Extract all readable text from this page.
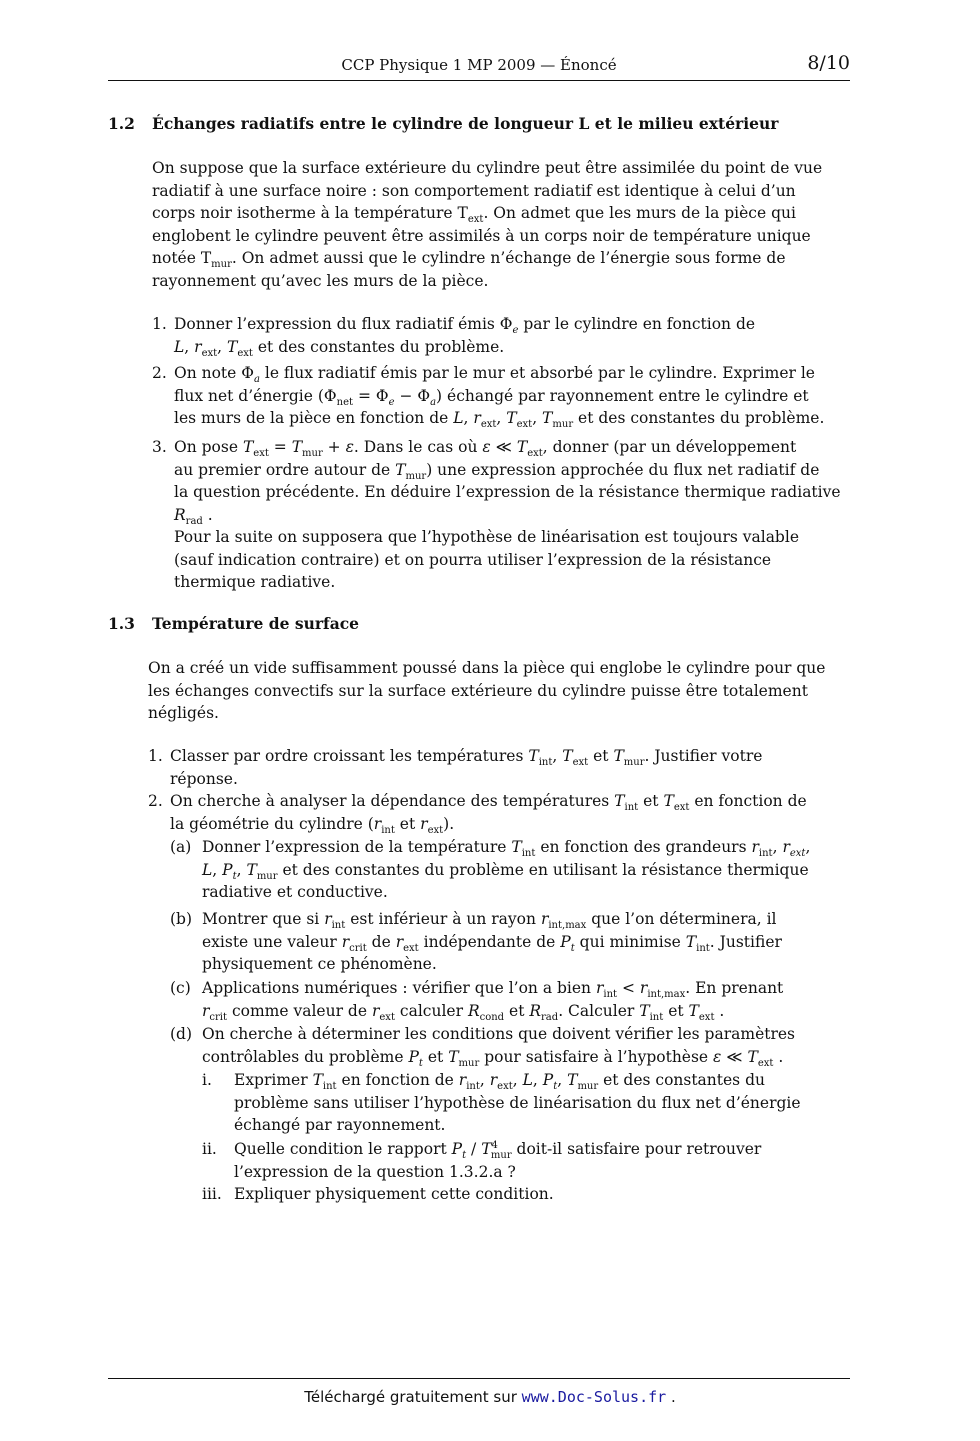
CCP Physique 1 MP 2009 — Énoncé	8/10
1.2 Échanges radiatifs entre le cylindre de longueur L et le milieu extérieur
On suppose que la surface extérieure du cylindre peut être assimilée du point de vue
radiatif à une surface noire : son comportement radiatif est identique à celui d’un
corps noir isotherme à la température $T_{ext}$. On admet que les murs de la pièce qui
englobent le cylindre peuvent être assimilés à un corps noir de température unique
notée $T_{mur}$. On admet aussi que le cylindre n’échange de l’énergie sous forme de
rayonnement qu’avec les murs de la pièce.
1. Donner l’expression du flux radiatif émis $\Phi_e$ par le cylindre en fonction de
L, $r_{ext}$, $T_{ext}$ et des constantes du problème.
2. On note $\Phi_a$ le flux radiatif émis par le mur et absorbé par le cylindre. Exprimer le
flux net d’énergie $(\Phi_{net} = \Phi_e - \Phi_a)$ échangé par rayonnement entre le cylindre et
les murs de la pièce en fonction de L, $r_{ext}$, $T_{ext}$, $T_{mur}$ et des constantes du problème.
3. On pose $T_{ext} = T_{mur} + \varepsilon$. Dans le cas où ε ≪ $T_{ext}$, donner (par un développement
au premier ordre autour de $T_{mur}$) une expression approchée du flux net radiatif de
la question précédente. En déduire l’expression de la résistance thermique radiative
$R_{rad}$ .
Pour la suite on supposera que l’hypothèse de linéarisation est toujours valable
(sauf indication contraire) et on pourra utiliser l’expression de la résistance
thermique radiative.
1.3 Température de surface
On a créé un vide suffisamment poussé dans la pièce qui englobe le cylindre pour que
les échanges convectifs sur la surface extérieure du cylindre puisse être totalement
négligés.
1. Classer par ordre croissant les températures $T_{int}$, $T_{ext}$ et $T_{mur}$. Justifier votre
réponse.
2. On cherche à analyser la dépendance des températures $T_{int}$ et $T_{ext}$ en fonction de
la géométrie du cylindre ($r_{int}$ et $r_{ext}$).
(a) Donner l’expression de la température $T_{int}$ en fonction des grandeurs $r_{int}$, $r_{ext}$,
L, $P_t$, $T_{mur}$ et des constantes du problème en utilisant la résistance thermique
radiative et conductive.
(b) Montrer que si $r_{int}$ est inférieur à un rayon $r_{int,max}$ que l’on déterminera, il
existe une valeur $r_{crit}$ de $r_{ext}$ indépendante de $P_t$ qui minimise $T_{int}$. Justifier
physiquement ce phénomène.
(c) Applications numériques : vérifier que l’on a bien $r_{int} < r_{int,max}$. En prenant
$r_{crit}$ comme valeur de $r_{ext}$ calculer $R_{cond}$ et $R_{rad}$. Calculer $T_{int}$ et $T_{ext}$ .
(d) On cherche à déterminer les conditions que doivent vérifier les paramètres
contrôlables du problème $P_t$ et $T_{mur}$ pour satisfaire à l’hypothèse ε ≪ $T_{ext}$ .
i. Exprimer $T_{int}$ en fonction de $r_{int}$, $r_{ext}$, L, $P_t$, $T_{mur}$ et des constantes du
problème sans utiliser l’hypothèse de linéarisation du flux net d’énergie
échangé par rayonnement.
ii. Quelle condition le rapport $P_t / T^4_{mur}$ doit-il satisfaire pour retrouver
l’expression de la question 1.3.2.a ?
iii. Expliquer physiquement cette condition.
Téléchargé gratuitement sur www.Doc-Solus.fr .
